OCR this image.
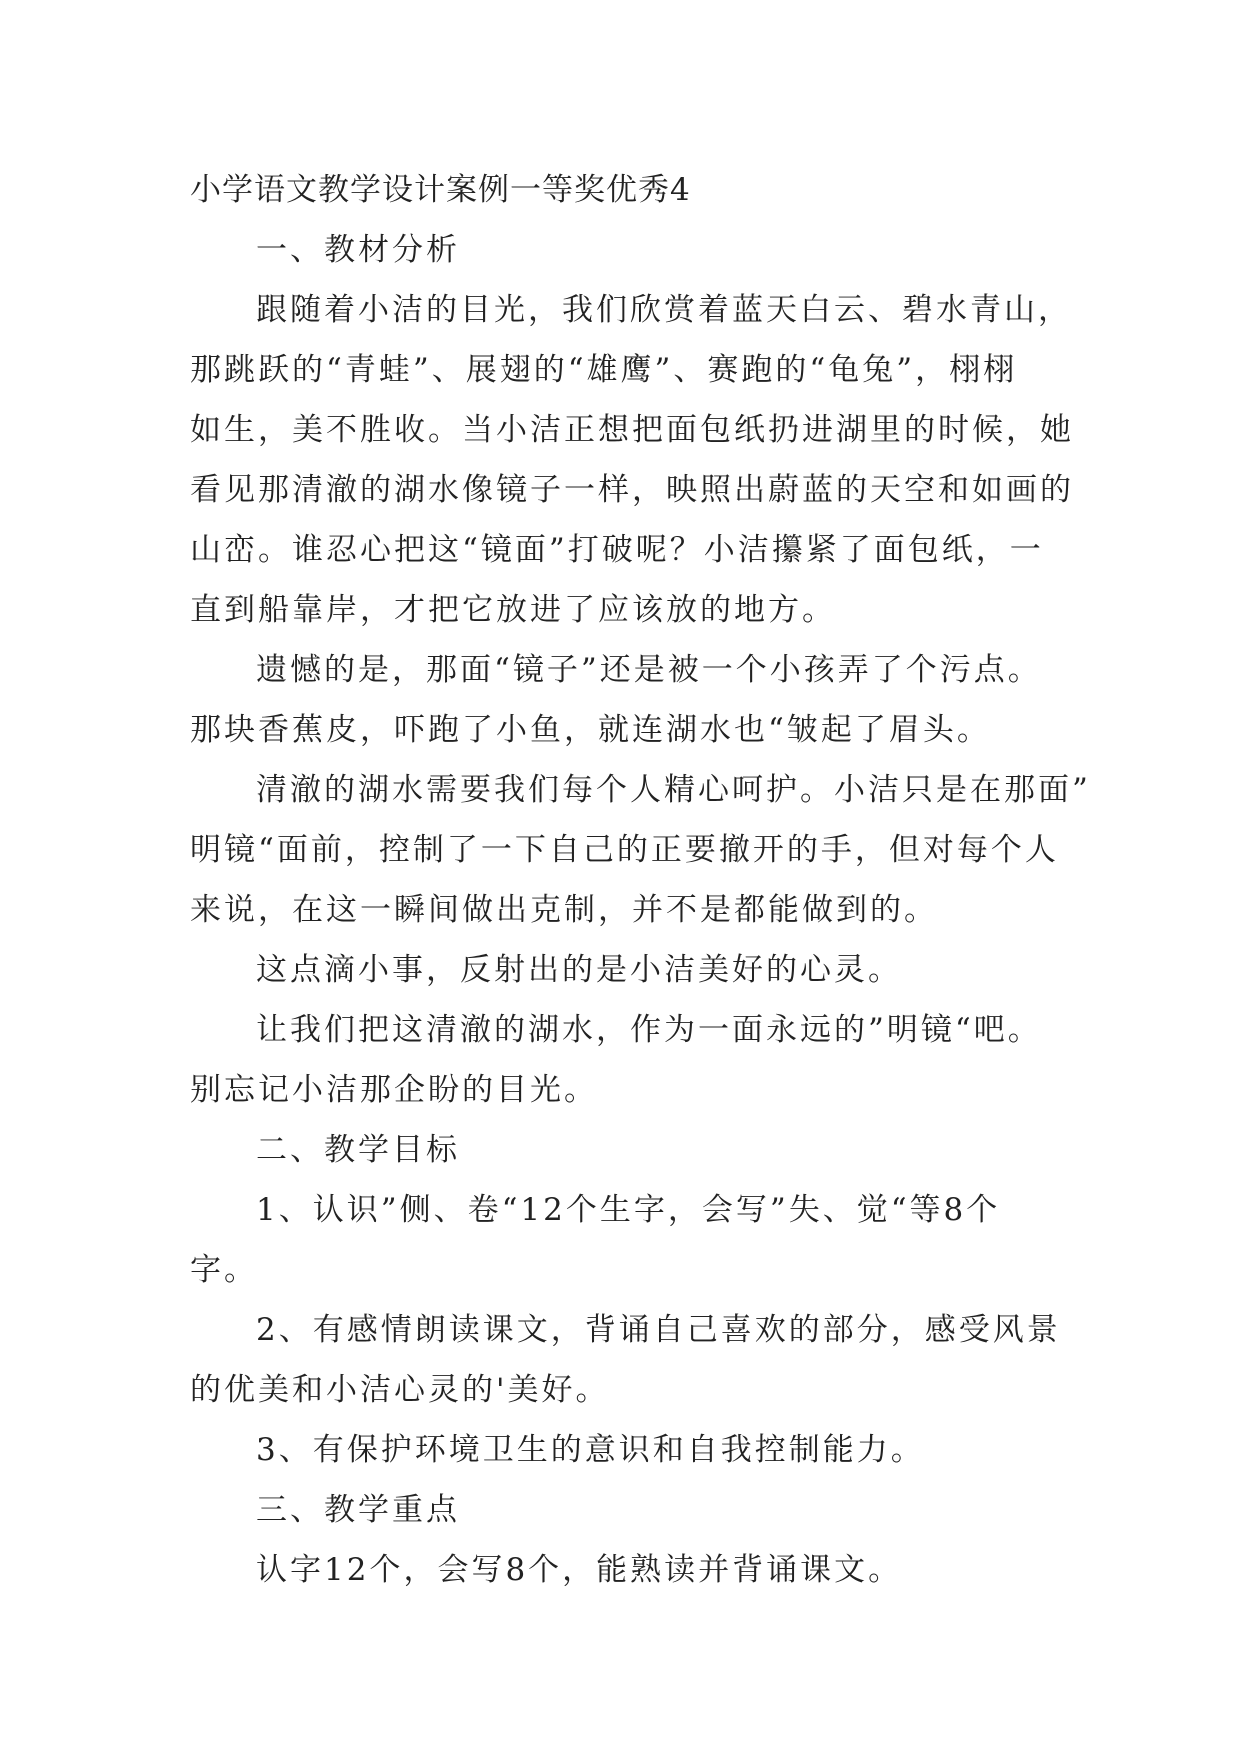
小学语文教学设计案例一等奖优秀4

一、教材分析

跟随着小洁的目光，我们欣赏着蓝天白云、碧水青山，

那跳跃的“青蛙”、展翅的“雄鹰”、赛跑的“龟兔”，栩栩

如生，美不胜收。当小洁正想把面包纸扔进湖里的时候，她

看见那清澈的湖水像镜子一样，映照出蔚蓝的天空和如画的

山峦。谁忍心把这“镜面”打破呢？小洁攥紧了面包纸，一

直到船靠岸，才把它放进了应该放的地方。

遗憾的是，那面“镜子”还是被一个小孩弄了个污点。

那块香蕉皮，吓跑了小鱼，就连湖水也“皱起了眉头。

清澈的湖水需要我们每个人精心呵护。小洁只是在那面”

明镜“面前，控制了一下自己的正要撤开的手，但对每个人

来说，在这一瞬间做出克制，并不是都能做到的。

这点滴小事，反射出的是小洁美好的心灵。

让我们把这清澈的湖水，作为一面永远的”明镜“吧。

别忘记小洁那企盼的目光。

二、教学目标

1、认识”侧、卷“12个生字，会写”失、觉“等8个

字。

2、有感情朗读课文，背诵自己喜欢的部分，感受风景

的优美和小洁心灵的'美好。

3、有保护环境卫生的意识和自我控制能力。

三、教学重点

认字12个，会写8个，能熟读并背诵课文。
